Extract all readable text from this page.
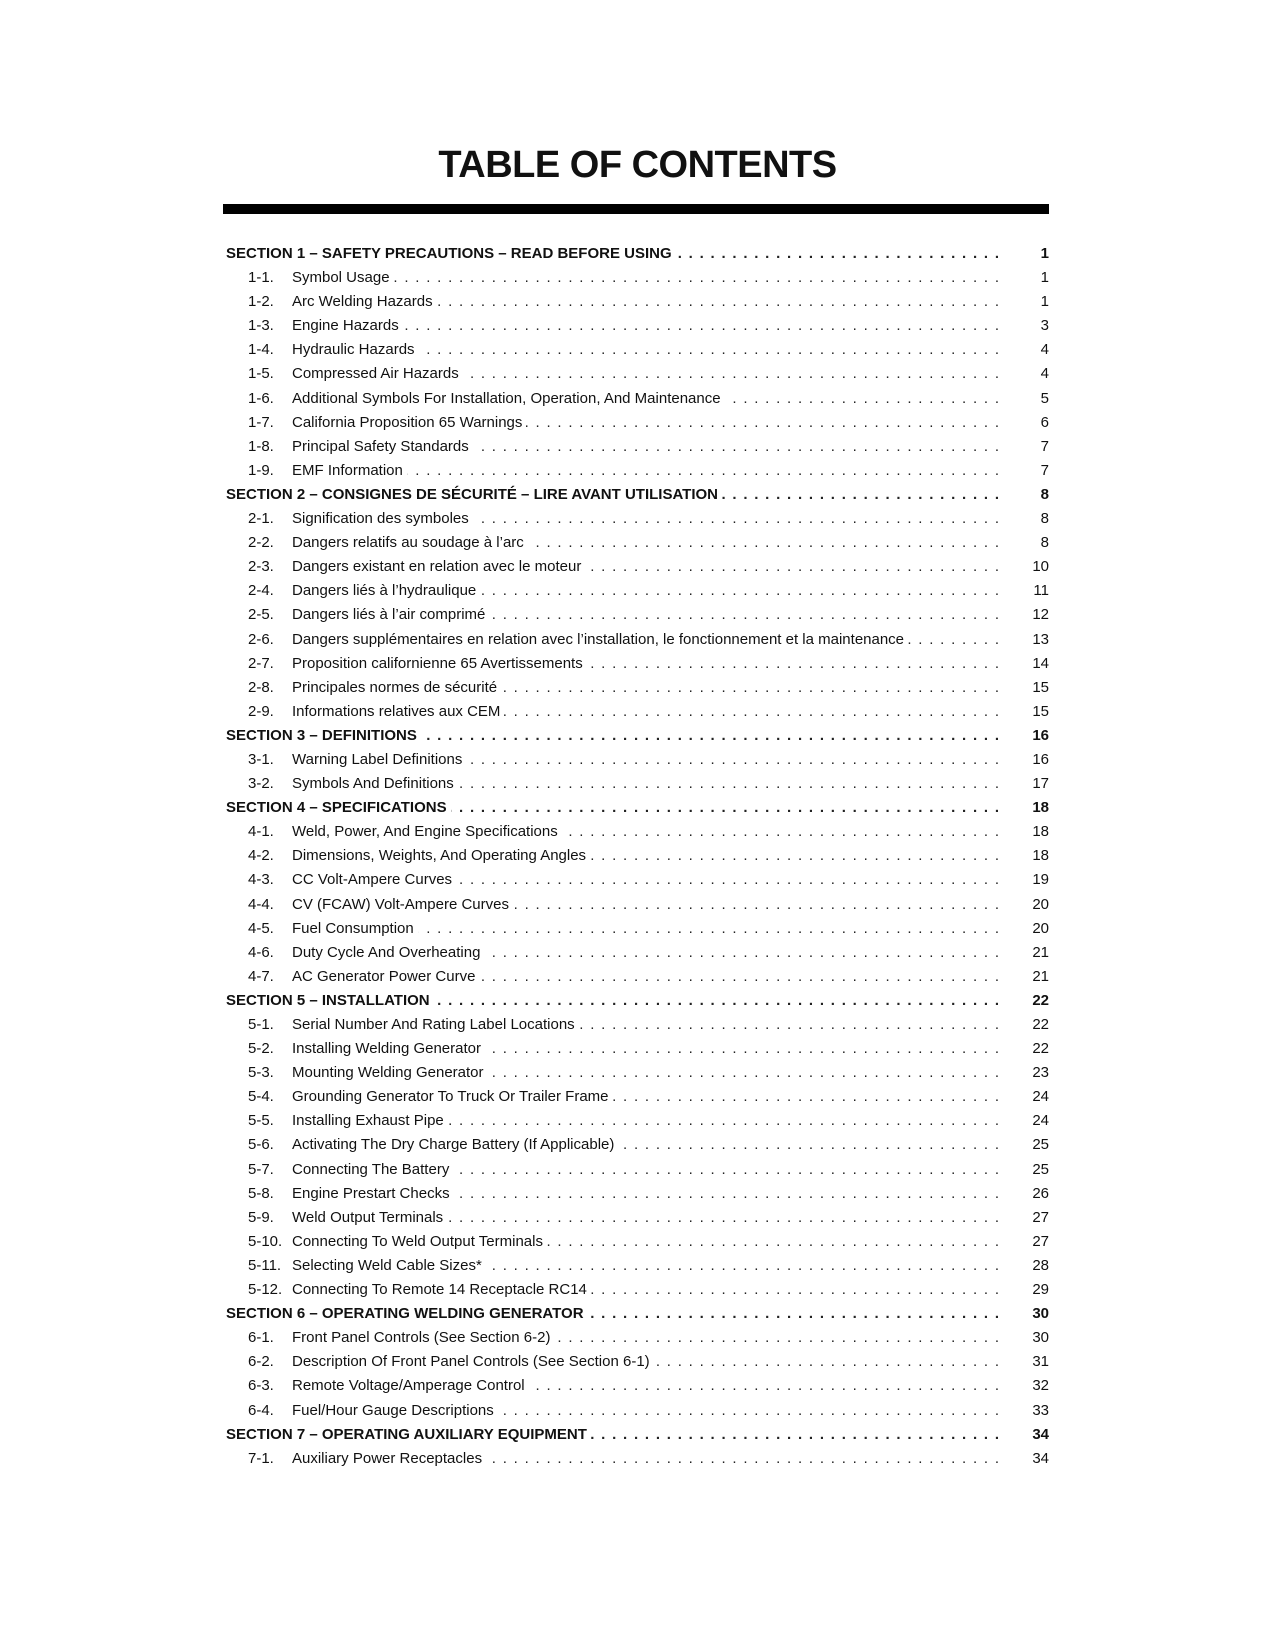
TABLE OF CONTENTS
SECTION 1 – SAFETY PRECAUTIONS – READ BEFORE USING . . .	1
1-1.	Symbol Usage . . .	1
1-2.	Arc Welding Hazards . . .	1
1-3.	Engine Hazards . . .	3
1-4.	Hydraulic Hazards . . .	4
1-5.	Compressed Air Hazards . . .	4
1-6.	Additional Symbols For Installation, Operation, And Maintenance . . .	5
1-7.	California Proposition 65 Warnings . . .	6
1-8.	Principal Safety Standards . . .	7
1-9.	EMF Information . . .	7
SECTION 2 – CONSIGNES DE SÉCURITÉ – LIRE AVANT UTILISATION . . .	8
2-1.	Signification des symboles . . .	8
2-2.	Dangers relatifs au soudage à l’arc . . .	8
2-3.	Dangers existant en relation avec le moteur . . .	10
2-4.	Dangers liés à l’hydraulique . . .	11
2-5.	Dangers liés à l’air comprimé . . .	12
2-6.	Dangers supplémentaires en relation avec l’installation, le fonctionnement et la maintenance . . .	13
2-7.	Proposition californienne 65 Avertissements . . .	14
2-8.	Principales normes de sécurité . . .	15
2-9.	Informations relatives aux CEM . . .	15
SECTION 3 – DEFINITIONS . . .	16
3-1.	Warning Label Definitions . . .	16
3-2.	Symbols And Definitions . . .	17
SECTION 4 – SPECIFICATIONS . . .	18
4-1.	Weld, Power, And Engine Specifications . . .	18
4-2.	Dimensions, Weights, And Operating Angles . . .	18
4-3.	CC Volt-Ampere Curves . . .	19
4-4.	CV (FCAW) Volt-Ampere Curves . . .	20
4-5.	Fuel Consumption . . .	20
4-6.	Duty Cycle And Overheating . . .	21
4-7.	AC Generator Power Curve . . .	21
SECTION 5 – INSTALLATION . . .	22
5-1.	Serial Number And Rating Label Locations . . .	22
5-2.	Installing Welding Generator . . .	22
5-3.	Mounting Welding Generator . . .	23
5-4.	Grounding Generator To Truck Or Trailer Frame . . .	24
5-5.	Installing Exhaust Pipe . . .	24
5-6.	Activating The Dry Charge Battery (If Applicable) . . .	25
5-7.	Connecting The Battery . . .	25
5-8.	Engine Prestart Checks . . .	26
5-9.	Weld Output Terminals . . .	27
5-10. Connecting To Weld Output Terminals . . .	27
5-11. Selecting Weld Cable Sizes* . . .	28
5-12. Connecting To Remote 14 Receptacle RC14 . . .	29
SECTION 6 – OPERATING WELDING GENERATOR . . .	30
6-1.	Front Panel Controls (See Section 6-2) . . .	30
6-2.	Description Of Front Panel Controls (See Section 6-1) . . .	31
6-3.	Remote Voltage/Amperage Control . . .	32
6-4.	Fuel/Hour Gauge Descriptions . . .	33
SECTION 7 – OPERATING AUXILIARY EQUIPMENT . . .	34
7-1.	Auxiliary Power Receptacles . . .	34
